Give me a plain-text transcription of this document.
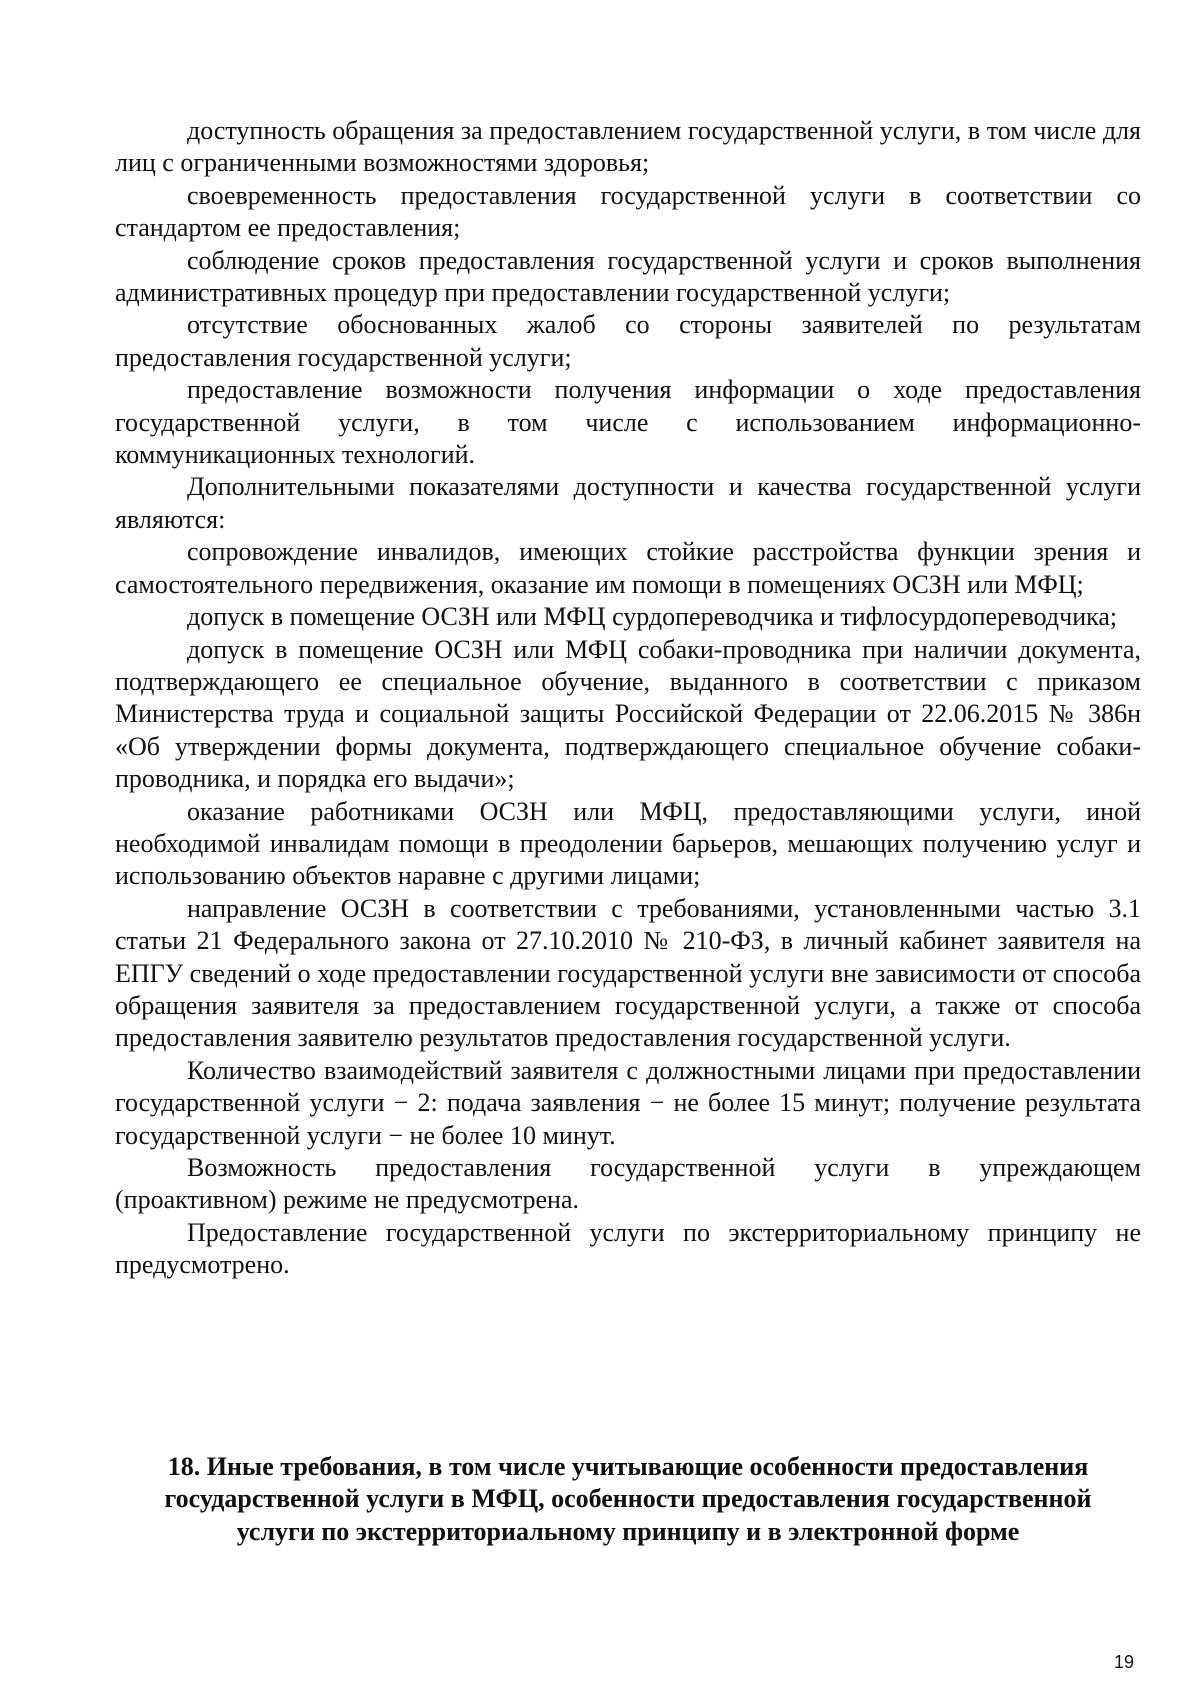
доступность обращения за предоставлением государственной услуги, в том числе для лиц с ограниченными возможностями здоровья;

своевременность предоставления государственной услуги в соответствии со стандартом ее предоставления;

соблюдение сроков предоставления государственной услуги и сроков выполнения административных процедур при предоставлении государственной услуги;

отсутствие обоснованных жалоб со стороны заявителей по результатам предоставления государственной услуги;

предоставление возможности получения информации о ходе предоставления государственной услуги, в том числе с использованием информационно-коммуникационных технологий.

Дополнительными показателями доступности и качества государственной услуги являются:

сопровождение инвалидов, имеющих стойкие расстройства функции зрения и самостоятельного передвижения, оказание им помощи в помещениях ОСЗН или МФЦ;

допуск в помещение ОСЗН или МФЦ сурдопереводчика и тифлосурдопереводчика;

допуск в помещение ОСЗН или МФЦ собаки-проводника при наличии документа, подтверждающего ее специальное обучение, выданного в соответствии с приказом Министерства труда и социальной защиты Российской Федерации от 22.06.2015 № 386н «Об утверждении формы документа, подтверждающего специальное обучение собаки-проводника, и порядка его выдачи»;

оказание работниками ОСЗН или МФЦ, предоставляющими услуги, иной необходимой инвалидам помощи в преодолении барьеров, мешающих получению услуг и использованию объектов наравне с другими лицами;

направление ОСЗН в соответствии с требованиями, установленными частью 3.1 статьи 21 Федерального закона от 27.10.2010 № 210-ФЗ, в личный кабинет заявителя на ЕПГУ сведений о ходе предоставлении государственной услуги вне зависимости от способа обращения заявителя за предоставлением государственной услуги, а также от способа предоставления заявителю результатов предоставления государственной услуги.

Количество взаимодействий заявителя с должностными лицами при предоставлении государственной услуги − 2: подача заявления − не более 15 минут; получение результата государственной услуги − не более 10 минут.

Возможность предоставления государственной услуги в упреждающем (проактивном) режиме не предусмотрена.

Предоставление государственной услуги по экстерриториальному принципу не предусмотрено.

18. Иные требования, в том числе учитывающие особенности предоставления
государственной услуги в МФЦ, особенности предоставления государственной
услуги по экстерриториальному принципу и в электронной форме
19
